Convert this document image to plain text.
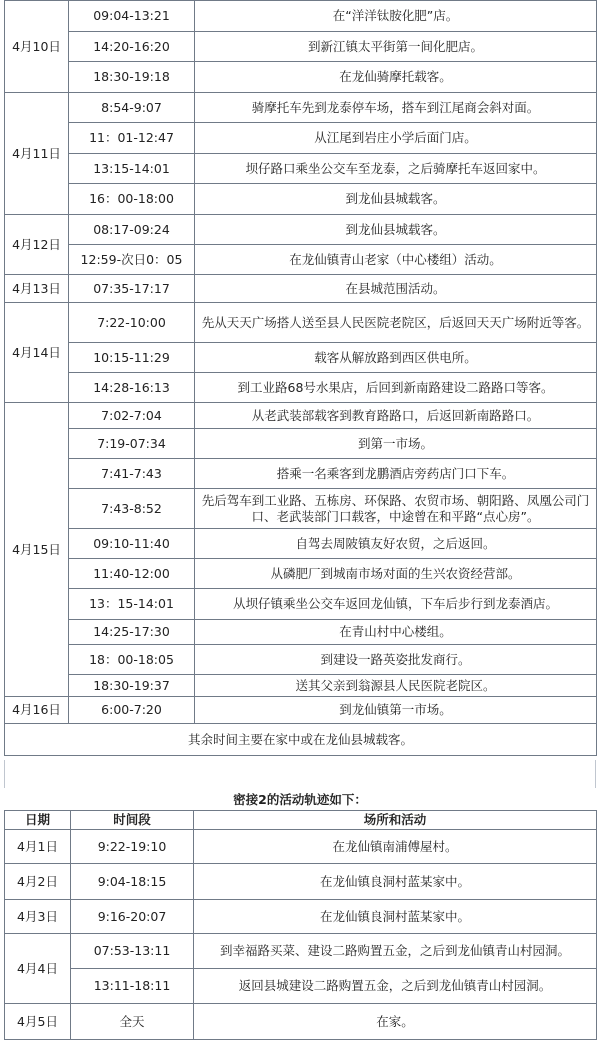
4月10日	09:04-13:21	在“洋洋钛胺化肥”店。
	14:20-16:20	到新江镇太平街第一间化肥店。
	18:30-19:18	在龙仙骑摩托载客。
4月11日	8:54-9:07	骑摩托车先到龙泰停车场，搭车到江尾商会斜对面。
	11：01-12:47	从江尾到岩庄小学后面门店。
	13:15-14:01	坝仔路口乘坐公交车至龙泰，之后骑摩托车返回家中。
	16：00-18:00	到龙仙县城载客。
4月12日	08:17-09:24	到龙仙县城载客。
	12:59-次日0：05	在龙仙镇青山老家（中心楼组）活动。
4月13日	07:35-17:17	在县城范围活动。
4月14日	7:22-10:00	先从天天广场搭人送至县人民医院老院区，后返回天天广场附近等客。
	10:15-11:29	载客从解放路到西区供电所。
	14:28-16:13	到工业路68号水果店，后回到新南路建设二路路口等客。
4月15日	7:02-7:04	从老武装部载客到教育路路口，后返回新南路路口。
	7:19-07:34	到第一市场。
	7:41-7:43	搭乘一名乘客到龙鹏酒店旁药店门口下车。
	7:43-8:52	先后驾车到工业路、五栋房、环保路、农贸市场、朝阳路、凤凰公司门口、老武装部门口载客，中途曾在和平路“点心房”。
	09:10-11:40	自驾去周陂镇友好农贸，之后返回。
	11:40-12:00	从磷肥厂到城南市场对面的生兴农资经营部。
	13：15-14:01	从坝仔镇乘坐公交车返回龙仙镇，下车后步行到龙泰酒店。
	14:25-17:30	在青山村中心楼组。
	18：00-18:05	到建设一路英姿批发商行。
	18:30-19:37	送其父亲到翁源县人民医院老院区。
4月16日	6:00-7:20	到龙仙镇第一市场。
其余时间主要在家中或在龙仙县城载客。		
密接2的活动轨迹如下：
日期	时间段	场所和活动
4月1日	9:22-19:10	在龙仙镇南浦傅屋村。
4月2日	9:04-18:15	在龙仙镇良洞村蓝某家中。
4月3日	9:16-20:07	在龙仙镇良洞村蓝某家中。
4月4日	07:53-13:11	到幸福路买菜、建设二路购置五金，之后到龙仙镇青山村园洞。
	13:11-18:11	返回县城建设二路购置五金，之后到龙仙镇青山村园洞。
4月5日	全天	在家。
